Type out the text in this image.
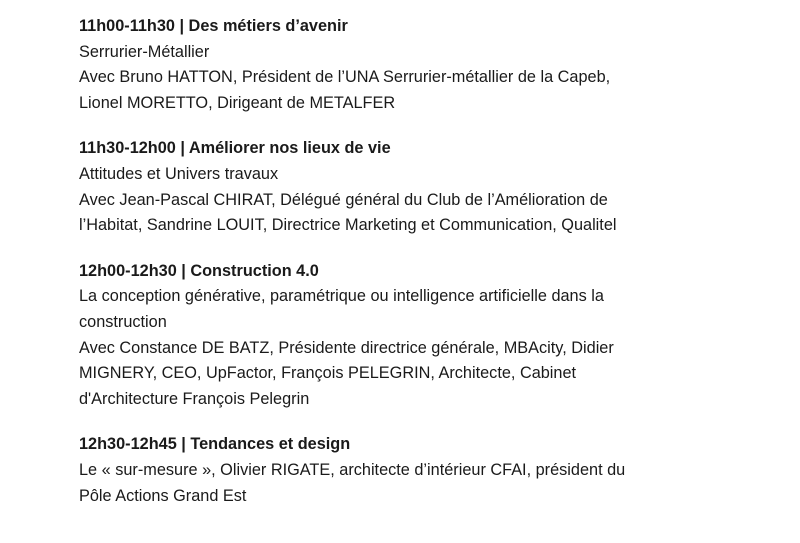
11h00-11h30 | Des métiers d’avenir
Serrurier-Métallier
Avec Bruno HATTON, Président de l’UNA Serrurier-métallier de la Capeb,
Lionel MORETTO, Dirigeant de METALFER
11h30-12h00 | Améliorer nos lieux de vie
Attitudes et Univers travaux
Avec Jean-Pascal CHIRAT, Délégué général du Club de l’Amélioration de
l’Habitat, Sandrine LOUIT, Directrice Marketing et Communication, Qualitel
12h00-12h30 | Construction 4.0
La conception générative, paramétrique ou intelligence artificielle dans la
construction
Avec Constance DE BATZ, Présidente directrice générale, MBAcity, Didier
MIGNERY, CEO, UpFactor, François PELEGRIN, Architecte, Cabinet
d'Architecture François Pelegrin
12h30-12h45 | Tendances et design
Le « sur-mesure », Olivier RIGATE, architecte d’intérieur CFAI, président du
Pôle Actions Grand Est
